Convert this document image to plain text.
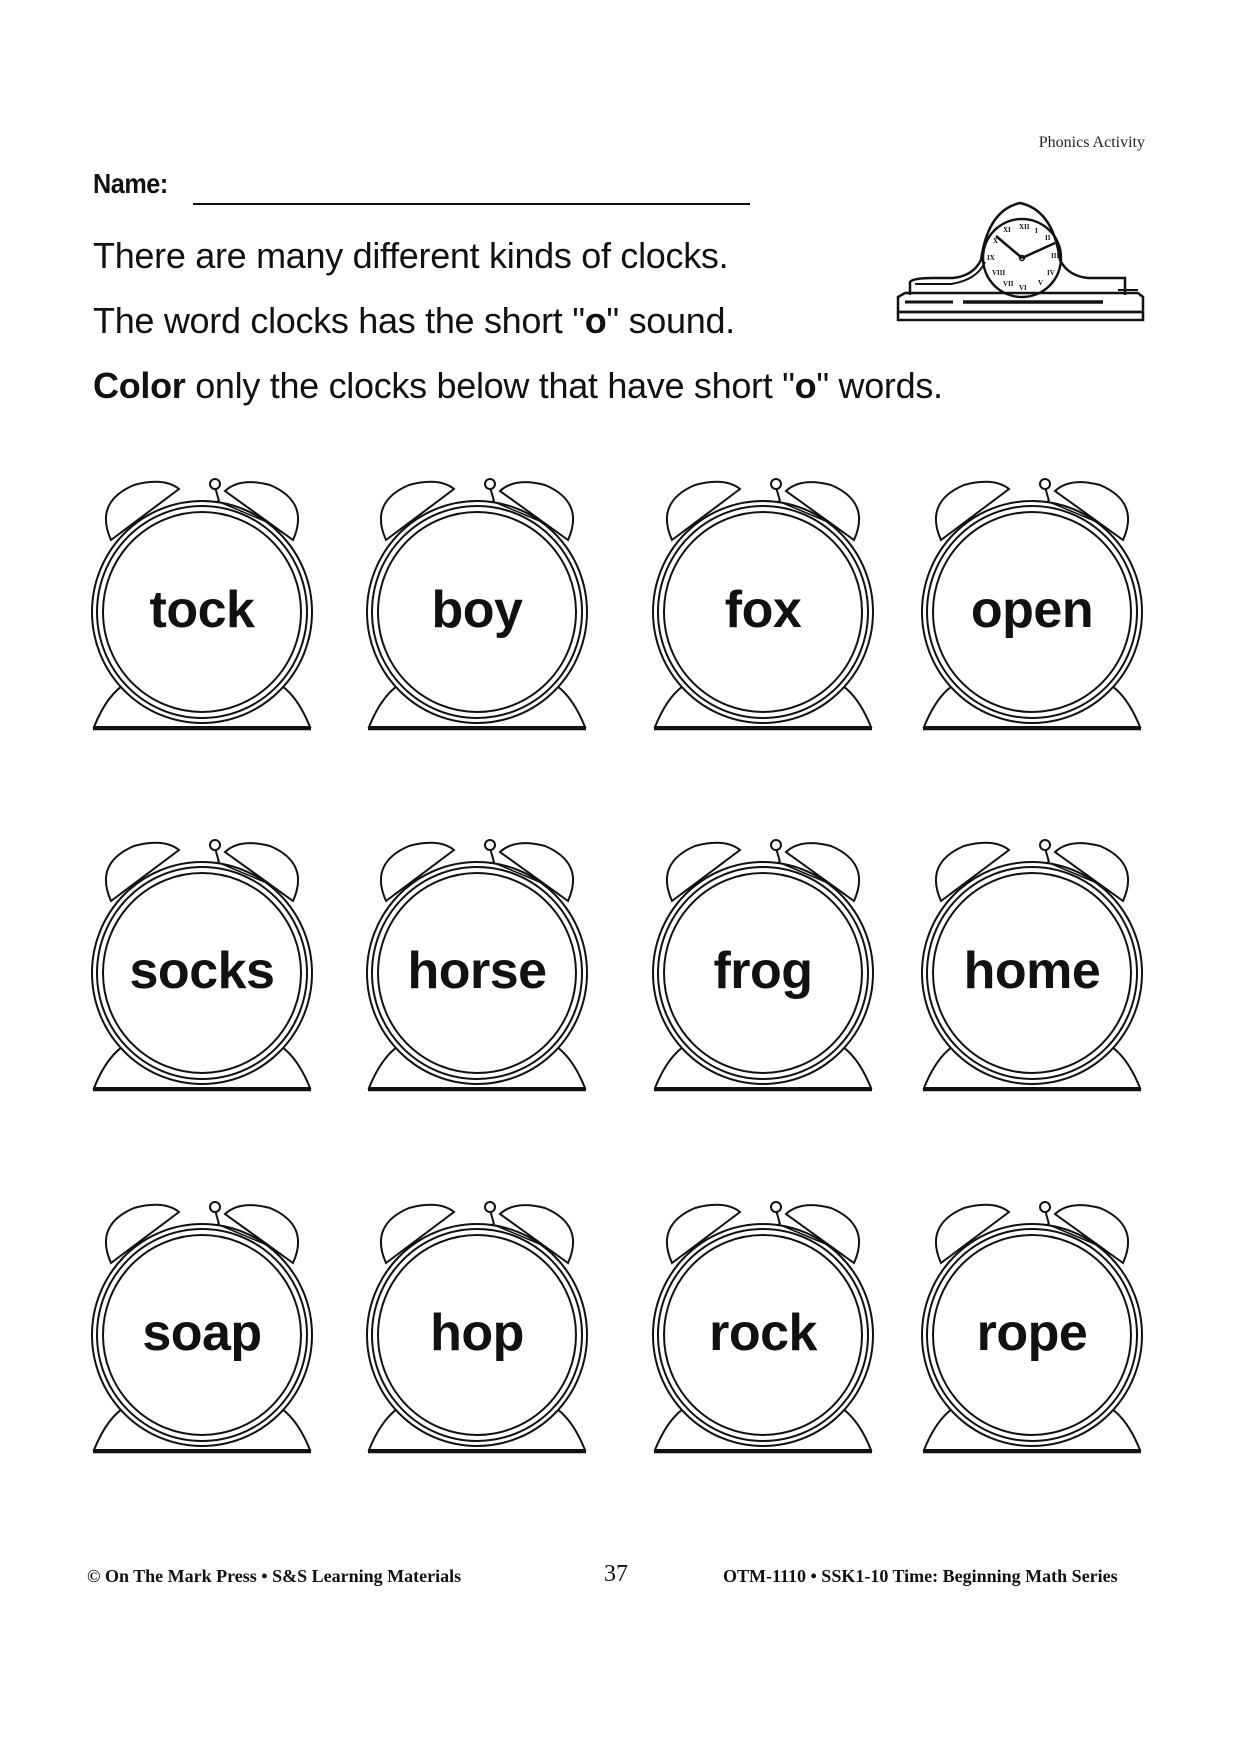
Phonics Activity
Name:
There are many different kinds of clocks.
The word clocks has the short "o" sound.
Color only the clocks below that have short "o" words.
XII I
II
III
IV
V
VI
VII
VIII
IX
X
XI
tock	boy	fox	open
socks	horse	frog	home
soap	hop	rock	rope
© On The Mark Press • S&S Learning Materials	37	OTM-1110 • SSK1-10 Time: Beginning Math Series
